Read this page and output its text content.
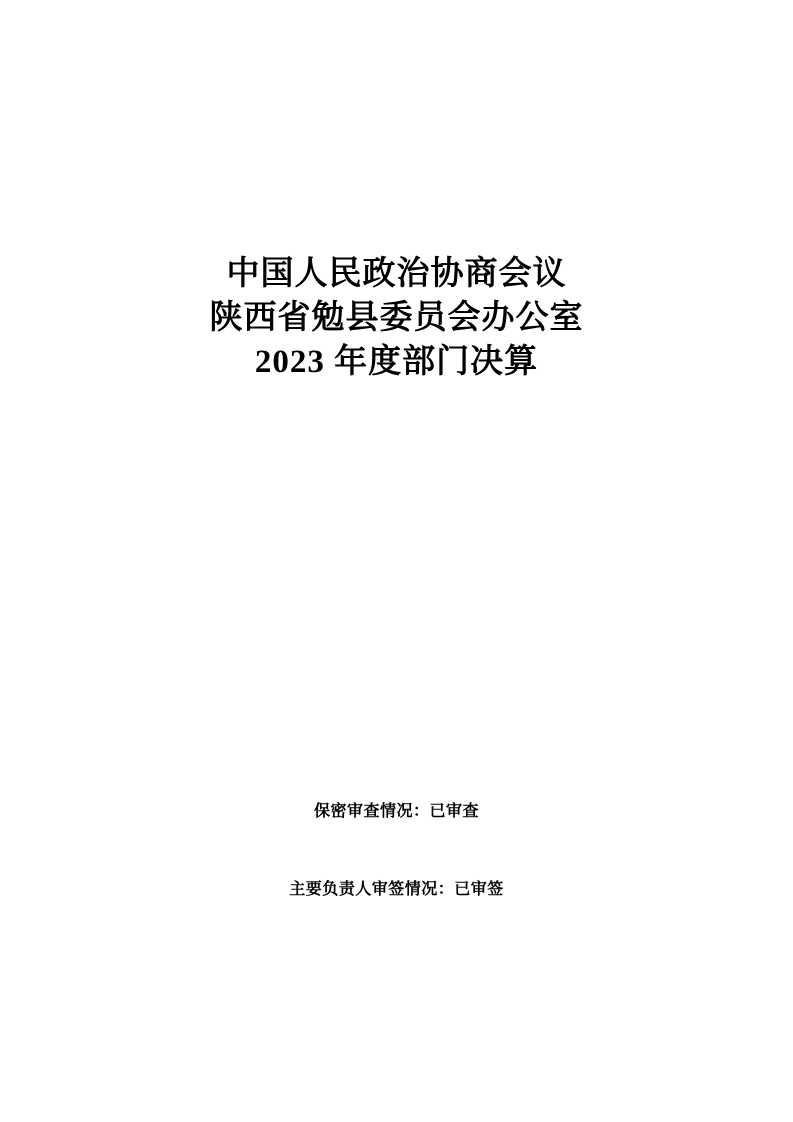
中国人民政治协商会议
陕西省勉县委员会办公室
2023 年度部门决算
保密审查情况：已审查
主要负责人审签情况：已审签
